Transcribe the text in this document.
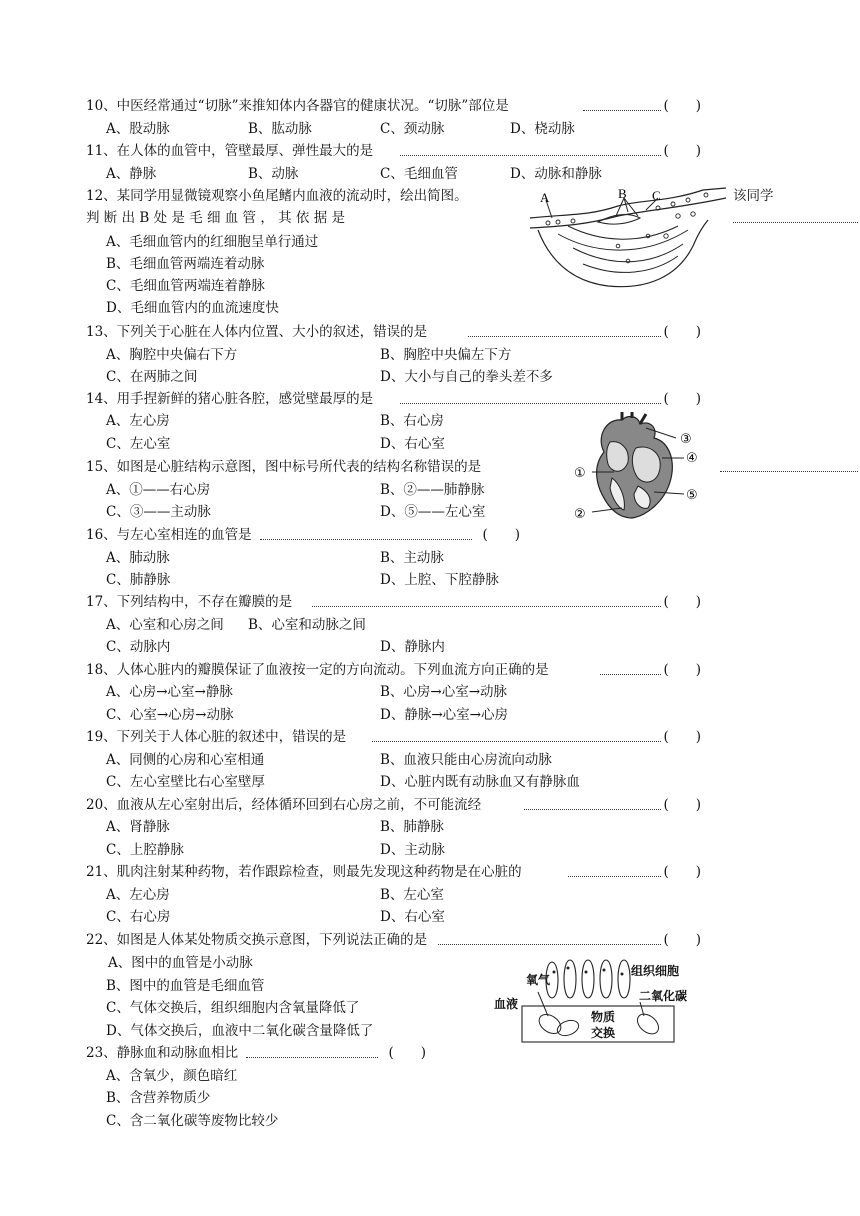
10、中医经常通过“切脉”来推知体内各器官的健康状况。“切脉”部位是	(　　)
A、股动脉	B、肱动脉	C、颈动脉	D、桡动脉
11、在人体的血管中，管壁最厚、弹性最大的是	(　　)
A、静脉	B、动脉	C、毛细血管	D、动脉和静脉
12、某同学用显微镜观察小鱼尾鳍内血液的流动时，绘出简图。	该同学
判 断 出 B 处 是 毛 细 血 管 ， 其 依 据 是
A、毛细血管内的红细胞呈单行通过
B、毛细血管两端连着动脉
C、毛细血管两端连着静脉
D、毛细血管内的血流速度快
A	B C
13、下列关于心脏在人体内位置、大小的叙述，错误的是	(　　)
A、胸腔中央偏右下方	B、胸腔中央偏左下方
C、在两肺之间	D、大小与自己的拳头差不多
14、用手捏新鲜的猪心脏各腔，感觉壁最厚的是	(　　)
A、左心房	B、右心房
C、左心室	D、右心室
15、如图是心脏结构示意图，图中标号所代表的结构名称错误的是
A、①——右心房	B、②——肺静脉
C、③——主动脉	D、⑤——左心室
①
②
③
④
⑤
16、与左心室相连的血管是	(　　)
A、肺动脉	B、主动脉
C、肺静脉	D、上腔、下腔静脉
17、下列结构中，不存在瓣膜的是	(　　)
A、心室和心房之间 B、心室和动脉之间
C、动脉内	D、静脉内
18、人体心脏内的瓣膜保证了血液按一定的方向流动。下列血流方向正确的是	(　　)
A、心房→心室→静脉	B、心房→心室→动脉
C、心室→心房→动脉	D、静脉→心室→心房
19、下列关于人体心脏的叙述中，错误的是	(　　)
A、同侧的心房和心室相通	B、血液只能由心房流向动脉
C、左心室壁比右心室壁厚	D、心脏内既有动脉血又有静脉血
20、血液从左心室射出后，经体循环回到右心房之前，不可能流经	(　　)
A、肾静脉	B、肺静脉
C、上腔静脉	D、主动脉
21、肌肉注射某种药物，若作跟踪检查，则最先发现这种药物是在心脏的	(　　)
A、左心房	B、左心室
C、右心房	D、右心室
22、如图是人体某处物质交换示意图，下列说法正确的是	(　　)
A、图中的血管是小动脉
B、图中的血管是毛细血管
C、气体交换后，组织细胞内含氧量降低了
D、气体交换后，血液中二氧化碳含量降低了
组织细胞
氧气
血液
二氧化碳
物质
交换
23、静脉血和动脉血相比	(　　)
A、含氧少，颜色暗红
B、含营养物质少
C、含二氧化碳等废物比较少
